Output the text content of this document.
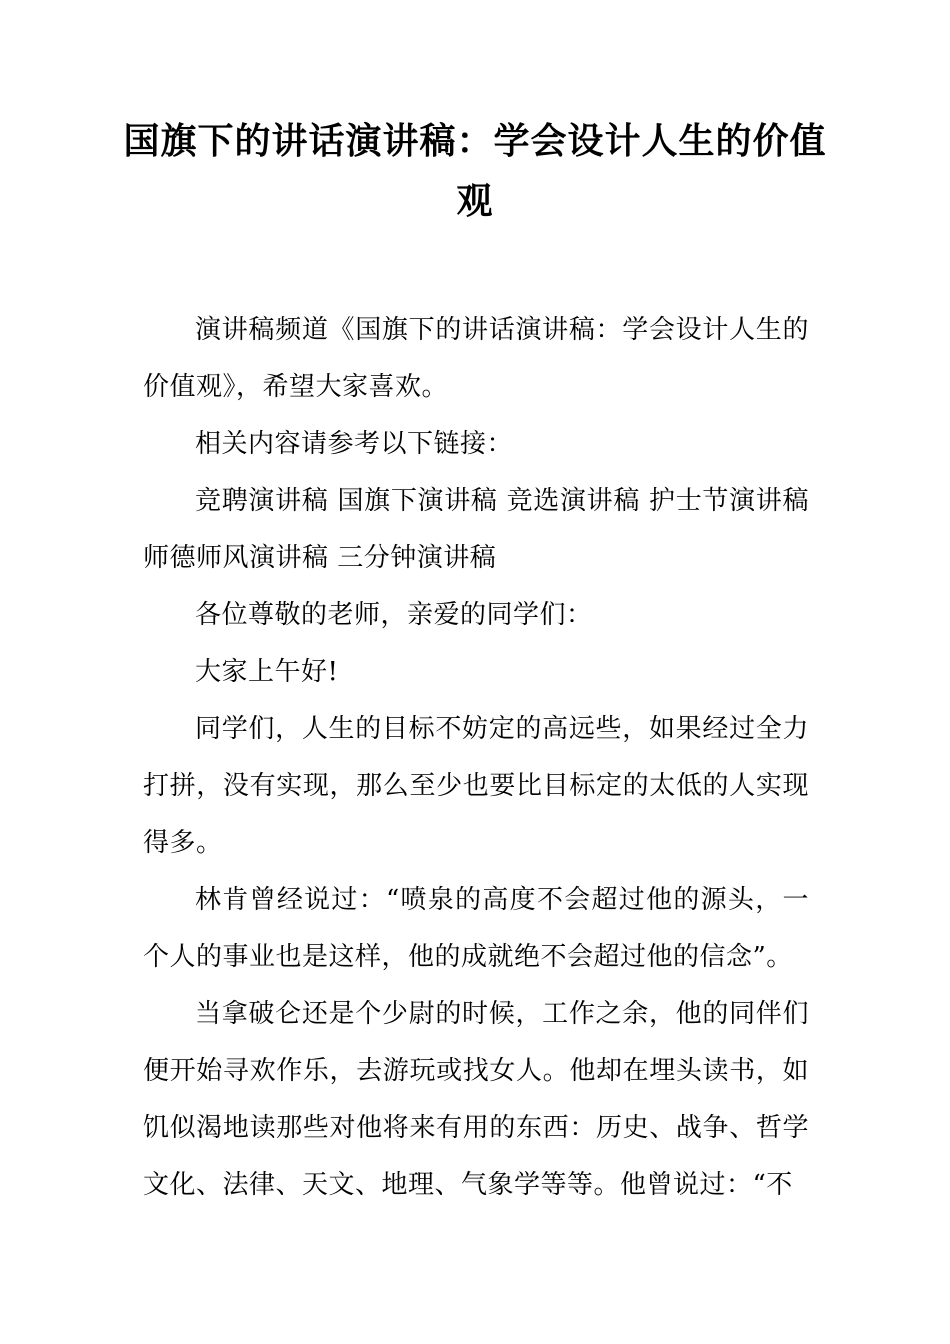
国旗下的讲话演讲稿：学会设计人生的价值观

演讲稿频道《国旗下的讲话演讲稿：学会设计人生的价值观》，希望大家喜欢。

相关内容请参考以下链接：

竞聘演讲稿 国旗下演讲稿 竞选演讲稿 护士节演讲稿 师德师风演讲稿 三分钟演讲稿

各位尊敬的老师，亲爱的同学们：

大家上午好!

同学们，人生的目标不妨定的高远些，如果经过全力打拼，没有实现，那么至少也要比目标定的太低的人实现得多。

林肯曾经说过：“喷泉的高度不会超过他的源头，一个人的事业也是这样，他的成就绝不会超过他的信念”。

当拿破仑还是个少尉的时候，工作之余，他的同伴们便开始寻欢作乐，去游玩或找女人。他却在埋头读书，如饥似渴地读那些对他将来有用的东西：历史、战争、哲学文化、法律、天文、地理、气象学等等。他曾说过：“不
